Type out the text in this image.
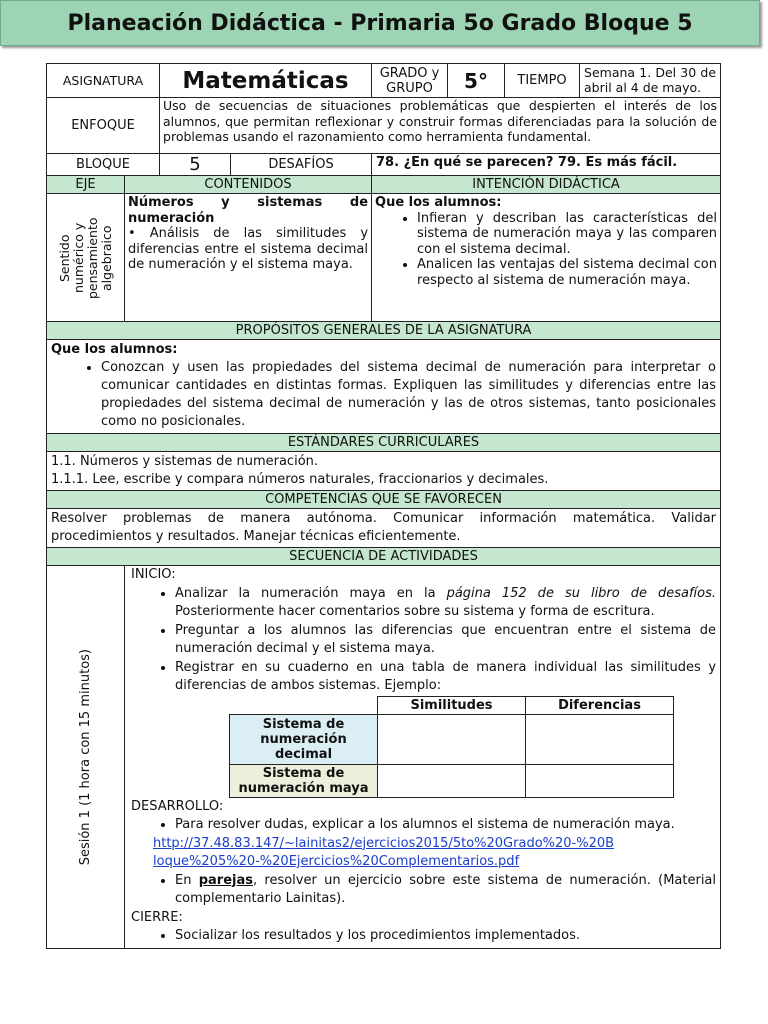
Planeación Didáctica - Primaria 5o Grado Bloque 5
ASIGNATURA	Matemáticas	GRADO y GRUPO	5°	TIEMPO	Semana 1. Del 30 de abril al 4 de mayo.
ENFOQUE	Uso de secuencias de situaciones problemáticas que despierten el interés de los alumnos, que permitan reflexionar y construir formas diferenciadas para la solución de problemas usando el razonamiento como herramienta fundamental.
BLOQUE	5	DESAFÍOS	78. ¿En qué se parecen? 79. Es más fácil.
EJE	CONTENIDOS	INTENCIÓN DIDÁCTICA

Sentido numérico y pensamiento algebraico

Números y sistemas de numeración
• Análisis de las similitudes y diferencias entre el sistema decimal de numeración y el sistema maya.

Que los alumnos:
• Infieran y describan las características del sistema de numeración maya y las comparen con el sistema decimal.
• Analicen las ventajas del sistema decimal con respecto al sistema de numeración maya.

PROPÓSITOS GENERALES DE LA ASIGNATURA

Que los alumnos:
• Conozcan y usen las propiedades del sistema decimal de numeración para interpretar o comunicar cantidades en distintas formas. Expliquen las similitudes y diferencias entre las propiedades del sistema decimal de numeración y las de otros sistemas, tanto posicionales como no posicionales.

ESTÁNDARES CURRICULARES

1.1. Números y sistemas de numeración.
1.1.1. Lee, escribe y compara números naturales, fraccionarios y decimales.

COMPETENCIAS QUE SE FAVORECEN
Resolver problemas de manera autónoma. Comunicar información matemática. Validar procedimientos y resultados. Manejar técnicas eficientemente.
SECUENCIA DE ACTIVIDADES

Sesión 1 (1 hora con 15 minutos)

INICIO:
• Analizar la numeración maya en la página 152 de su libro de desafíos. Posteriormente hacer comentarios sobre su sistema y forma de escritura.
• Preguntar a los alumnos las diferencias que encuentran entre el sistema de numeración decimal y el sistema maya.
• Registrar en su cuaderno en una tabla de manera individual las similitudes y diferencias de ambos sistemas. Ejemplo:
	Similitudes	Diferencias
Sistema de numeración decimal		
Sistema de numeración maya		
DESARROLLO:
• Para resolver dudas, explicar a los alumnos el sistema de numeración maya.
http://37.48.83.147/~lainitas2/ejercicios2015/5to%20Grado%20-%20Bloque%205%20-%20Ejercicios%20Complementarios.pdf
• En parejas, resolver un ejercicio sobre este sistema de numeración. (Material complementario Lainitas).
CIERRE:
• Socializar los resultados y los procedimientos implementados.
